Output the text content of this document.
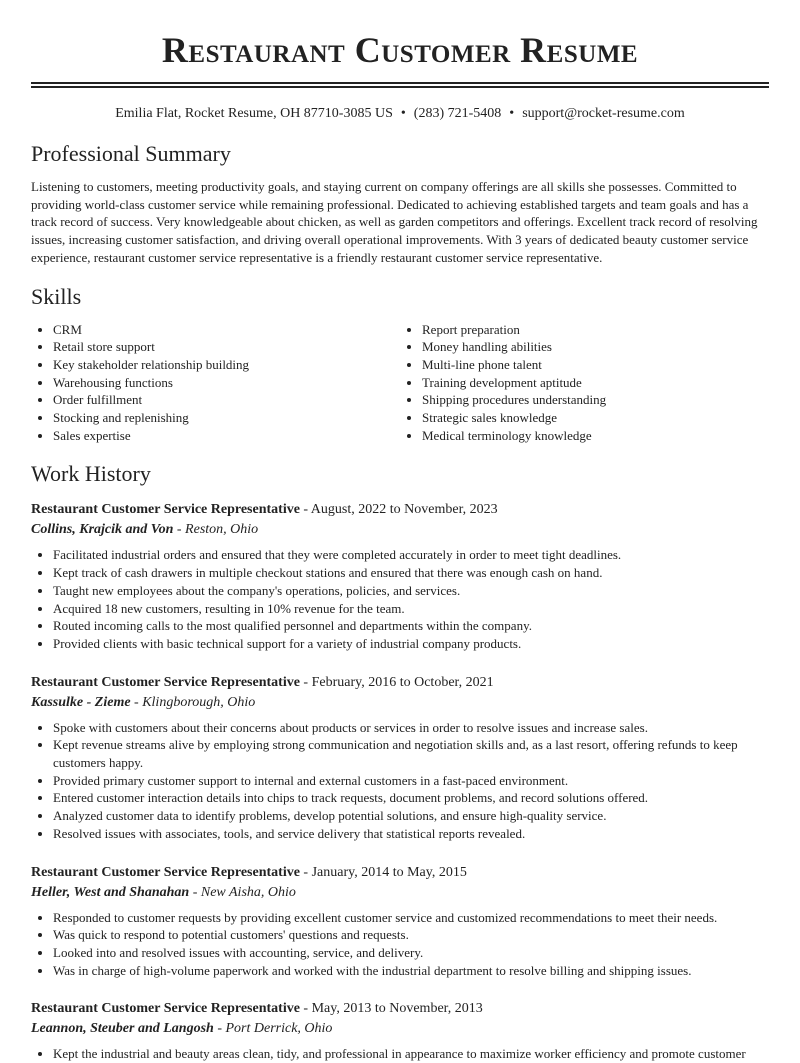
Restaurant Customer Resume
Emilia Flat, Rocket Resume, OH 87710-3085 US • (283) 721-5408 • support@rocket-resume.com
Professional Summary

Listening to customers, meeting productivity goals, and staying current on company offerings are all skills she possesses. Committed to providing world-class customer service while remaining professional. Dedicated to achieving established targets and team goals and has a track record of success. Very knowledgeable about chicken, as well as garden competitors and offerings. Excellent track record of resolving issues, increasing customer satisfaction, and driving overall operational improvements. With 3 years of dedicated beauty customer service experience, restaurant customer service representative is a friendly restaurant customer service representative.

Skills
• CRM
• Retail store support
• Key stakeholder relationship building
• Warehousing functions
• Order fulfillment
• Stocking and replenishing
• Sales expertise
• Report preparation
• Money handling abilities
• Multi-line phone talent
• Training development aptitude
• Shipping procedures understanding
• Strategic sales knowledge
• Medical terminology knowledge
Work History
Restaurant Customer Service Representative - August, 2022 to November, 2023
Collins, Krajcik and Von - Reston, Ohio
• Facilitated industrial orders and ensured that they were completed accurately in order to meet tight deadlines.
• Kept track of cash drawers in multiple checkout stations and ensured that there was enough cash on hand.
• Taught new employees about the company's operations, policies, and services.
• Acquired 18 new customers, resulting in 10% revenue for the team.
• Routed incoming calls to the most qualified personnel and departments within the company.
• Provided clients with basic technical support for a variety of industrial company products.
Restaurant Customer Service Representative - February, 2016 to October, 2021
Kassulke - Zieme - Klingborough, Ohio
• Spoke with customers about their concerns about products or services in order to resolve issues and increase sales.
• Kept revenue streams alive by employing strong communication and negotiation skills and, as a last resort, offering refunds to keep customers happy.
• Provided primary customer support to internal and external customers in a fast-paced environment.
• Entered customer interaction details into chips to track requests, document problems, and record solutions offered.
• Analyzed customer data to identify problems, develop potential solutions, and ensure high-quality service.
• Resolved issues with associates, tools, and service delivery that statistical reports revealed.
Restaurant Customer Service Representative - January, 2014 to May, 2015
Heller, West and Shanahan - New Aisha, Ohio
• Responded to customer requests by providing excellent customer service and customized recommendations to meet their needs.
• Was quick to respond to potential customers' questions and requests.
• Looked into and resolved issues with accounting, service, and delivery.
• Was in charge of high-volume paperwork and worked with the industrial department to resolve billing and shipping issues.
Restaurant Customer Service Representative - May, 2013 to November, 2013
Leannon, Steuber and Langosh - Port Derrick, Ohio
• Kept the industrial and beauty areas clean, tidy, and professional in appearance to maximize worker efficiency and promote customer
